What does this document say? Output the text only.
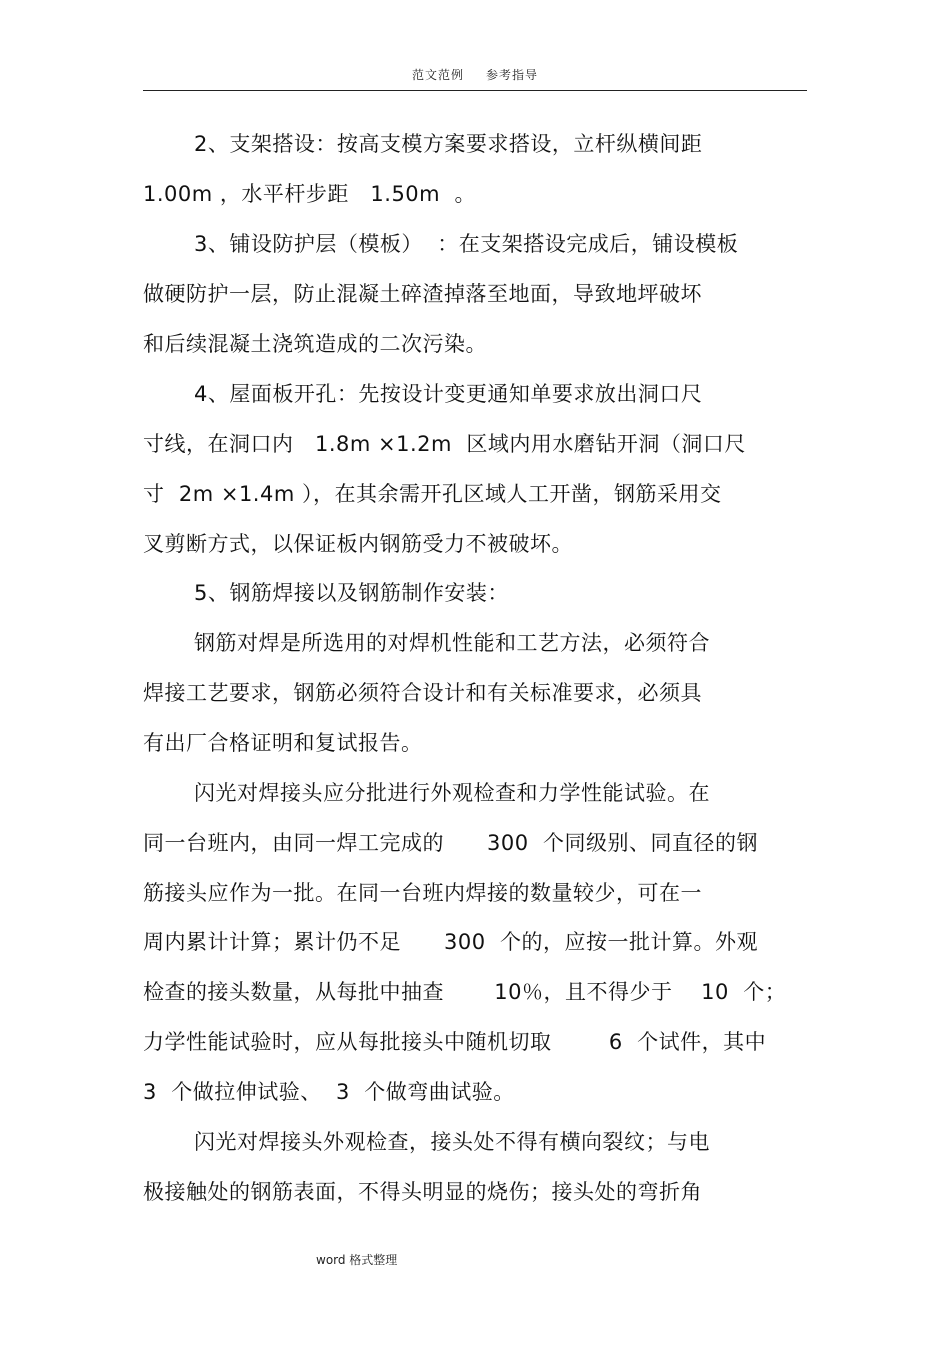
范文范例 参考指导
2、支架搭设：按高支模方案要求搭设，立杆纵横间距
1.00m ，水平杆步距   1.50m  。
3、铺设防护层（模板）  ：在支架搭设完成后，铺设模板
做硬防护一层，防止混凝土碎渣掉落至地面，导致地坪破坏
和后续混凝土浇筑造成的二次污染。
4、屋面板开孔：先按设计变更通知单要求放出洞口尺
寸线，在洞口内   1.8m ×1.2m  区域内用水磨钻开洞（洞口尺
寸  2m ×1.4m ），在其余需开孔区域人工开凿，钢筋采用交
叉剪断方式，以保证板内钢筋受力不被破坏。
5、钢筋焊接以及钢筋制作安装：
钢筋对焊是所选用的对焊机性能和工艺方法，必须符合
焊接工艺要求，钢筋必须符合设计和有关标准要求，必须具
有出厂合格证明和复试报告。
闪光对焊接头应分批进行外观检查和力学性能试验。在
同一台班内，由同一焊工完成的      300  个同级别、同直径的钢
筋接头应作为一批。在同一台班内焊接的数量较少，可在一
周内累计计算；累计仍不足      300  个的，应按一批计算。外观
检查的接头数量，从每批中抽查       10％，且不得少于    10  个；
力学性能试验时，应从每批接头中随机切取        6  个试件，其中
3  个做拉伸试验、  3  个做弯曲试验。
闪光对焊接头外观检查，接头处不得有横向裂纹；与电
极接触处的钢筋表面，不得头明显的烧伤；接头处的弯折角
word 格式整理
